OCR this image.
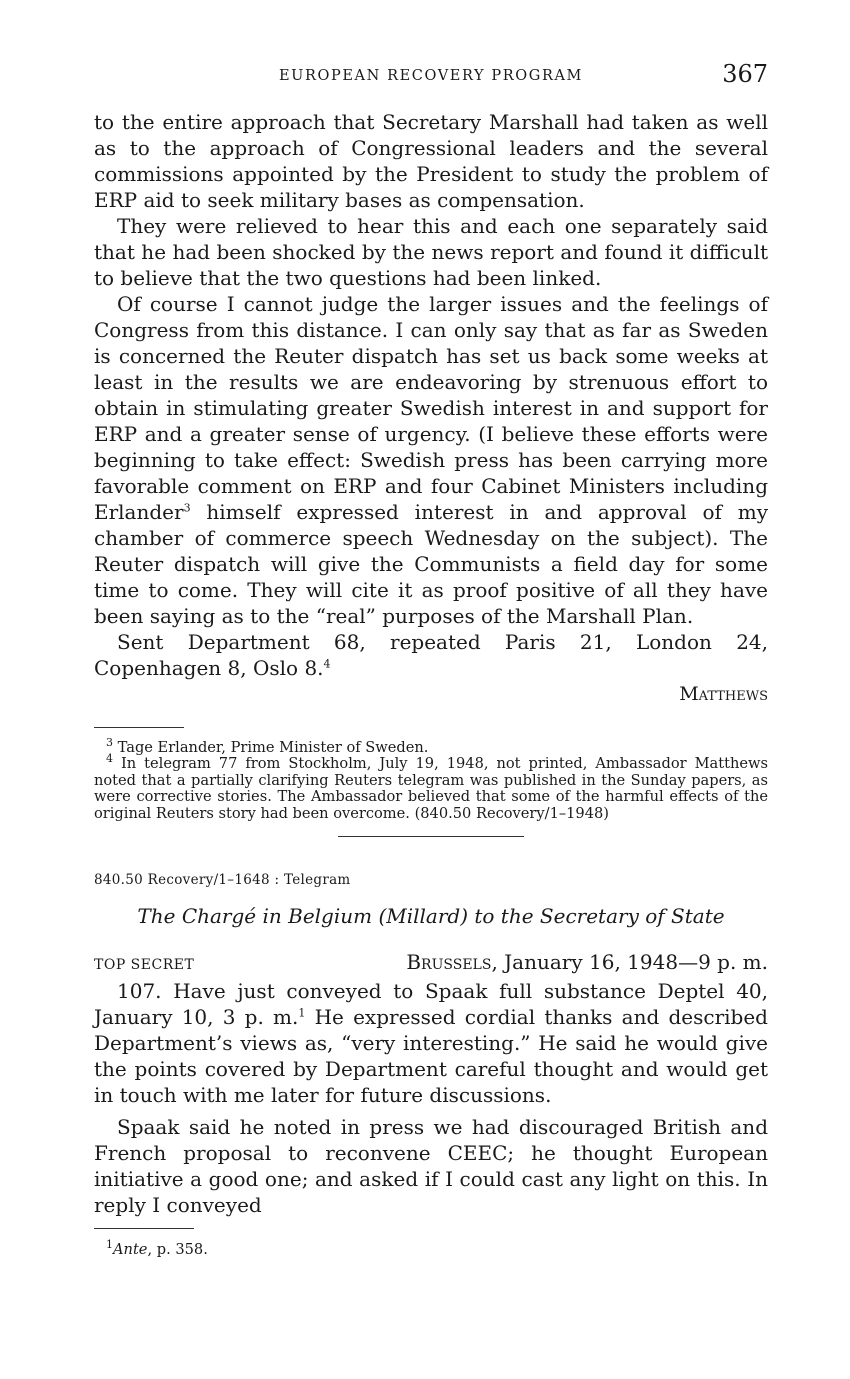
EUROPEAN RECOVERY PROGRAM	367

to the entire approach that Secretary Marshall had taken as well as to the approach of Congressional leaders and the several commissions appointed by the President to study the problem of ERP aid to seek military bases as compensation.

They were relieved to hear this and each one separately said that he had been shocked by the news report and found it difficult to believe that the two questions had been linked.

Of course I cannot judge the larger issues and the feelings of Congress from this distance. I can only say that as far as Sweden is concerned the Reuter dispatch has set us back some weeks at least in the results we are endeavoring by strenuous effort to obtain in stimulating greater Swedish interest in and support for ERP and a greater sense of urgency. (I believe these efforts were beginning to take effect: Swedish press has been carrying more favorable comment on ERP and four Cabinet Ministers including Erlander$^3$ himself expressed interest in and approval of my chamber of commerce speech Wednesday on the subject). The Reuter dispatch will give the Communists a field day for some time to come. They will cite it as proof positive of all they have been saying as to the “real” purposes of the Marshall Plan.

Sent Department 68, repeated Paris 21, London 24, Copenhagen 8, Oslo 8.$^4$

Matthews

$^3$ Tage Erlander, Prime Minister of Sweden.

$^4$ In telegram 77 from Stockholm, July 19, 1948, not printed, Ambassador Matthews noted that a partially clarifying Reuters telegram was published in the Sunday papers, as were corrective stories. The Ambassador believed that some of the harmful effects of the original Reuters story had been overcome. (840.50 Recovery/1–1948)

840.50 Recovery/1–1648 : Telegram
The Chargé in Belgium (Millard) to the Secretary of State
TOP SECRET	Brussels, January 16, 1948—9 p. m.

107. Have just conveyed to Spaak full substance Deptel 40, January 10, 3 p. m.$^1$ He expressed cordial thanks and described Department’s views as, “very interesting.” He said he would give the points covered by Department careful thought and would get in touch with me later for future discussions.

Spaak said he noted in press we had discouraged British and French proposal to reconvene CEEC; he thought European initiative a good one; and asked if I could cast any light on this. In reply I conveyed

$^1$Ante, p. 358.
